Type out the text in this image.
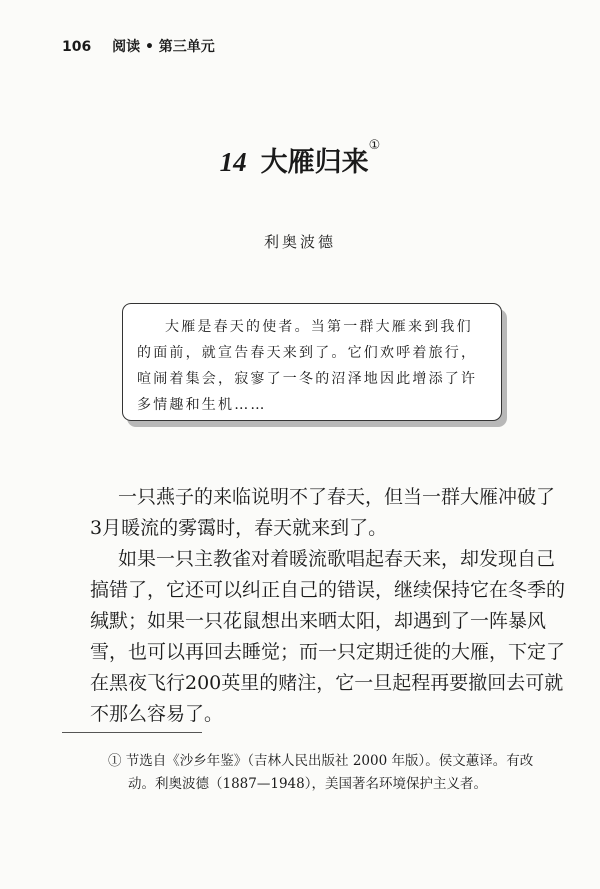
106 阅读 • 第三单元
14 大雁归来①
利奥波德

大雁是春天的使者。当第一群大雁来到我们

的面前，就宣告春天来到了。它们欢呼着旅行，

喧闹着集会，寂寥了一冬的沼泽地因此增添了许

多情趣和生机……

一只燕子的来临说明不了春天，但当一群大雁冲破了
3月暖流的雾霭时，春天就来到了。

如果一只主教雀对着暖流歌唱起春天来，却发现自己
搞错了，它还可以纠正自己的错误，继续保持它在冬季的
缄默；如果一只花鼠想出来晒太阳，却遇到了一阵暴风
雪，也可以再回去睡觉；而一只定期迁徙的大雁，下定了
在黑夜飞行200英里的赌注，它一旦起程再要撤回去可就
不那么容易了。

① 节选自《沙乡年鉴》（吉林人民出版社 2000 年版）。侯文蕙译。有改
动。利奥波德（1887—1948），美国著名环境保护主义者。
